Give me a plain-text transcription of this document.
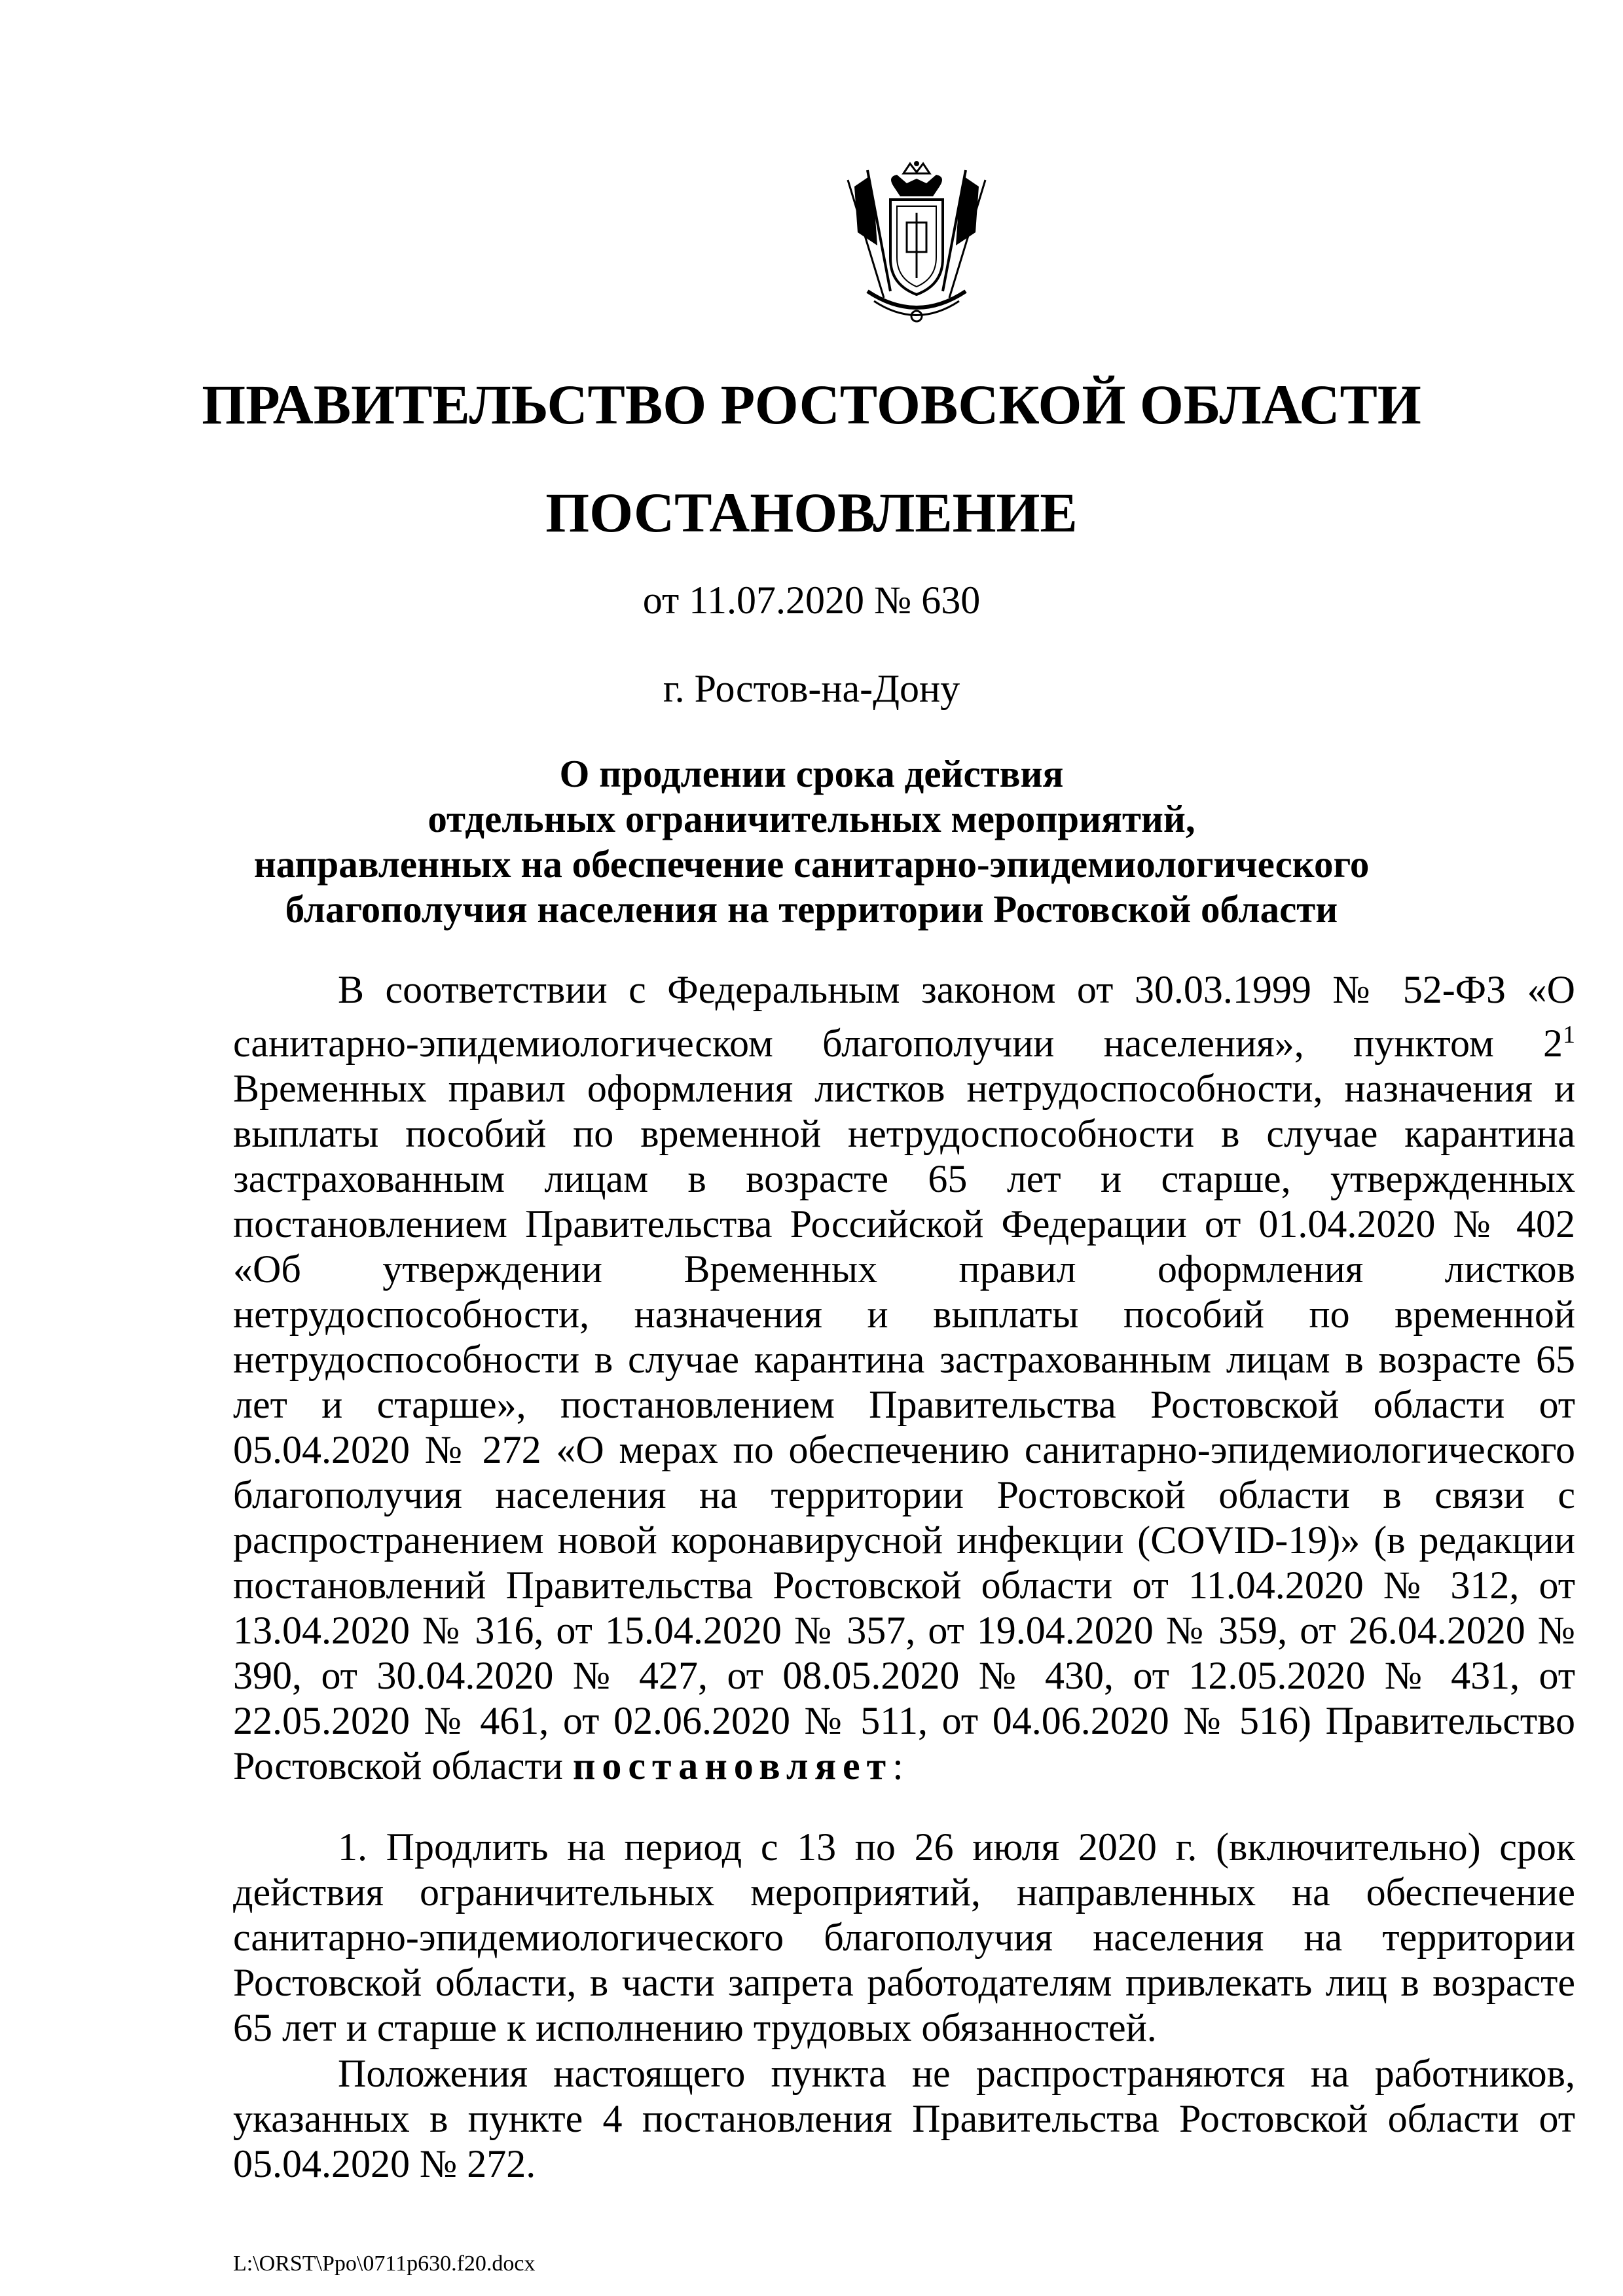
ПРАВИТЕЛЬСТВО РОСТОВСКОЙ ОБЛАСТИ
ПОСТАНОВЛЕНИЕ
от 11.07.2020 № 630
г. Ростов-на-Дону
О продлении срока действия
отдельных ограничительных мероприятий,
направленных на обеспечение санитарно-эпидемиологического
благополучия населения на территории Ростовской области

В соответствии с Федеральным законом от 30.03.1999 № 52-ФЗ «О санитарно-эпидемиологическом благополучии населения», пунктом $2^1$ Временных правил оформления листков нетрудоспособности, назначения и выплаты пособий по временной нетрудоспособности в случае карантина застрахованным лицам в возрасте 65 лет и старше, утвержденных постановлением Правительства Российской Федерации от 01.04.2020 № 402 «Об утверждении Временных правил оформления листков нетрудоспособности, назначения и выплаты пособий по временной нетрудоспособности в случае карантина застрахованным лицам в возрасте 65 лет и старше», постановлением Правительства Ростовской области от 05.04.2020 № 272 «О мерах по обеспечению санитарно-эпидемиологического благополучия населения на территории Ростовской области в связи с распространением новой коронавирусной инфекции (COVID-19)» (в редакции постановлений Правительства Ростовской области от 11.04.2020 № 312, от 13.04.2020 № 316, от 15.04.2020 № 357, от 19.04.2020 № 359, от 26.04.2020 № 390, от 30.04.2020 № 427, от 08.05.2020 № 430, от 12.05.2020 № 431, от 22.05.2020 № 461, от 02.06.2020 № 511, от 04.06.2020 № 516) Правительство Ростовской области постановляет:

1. Продлить на период с 13 по 26 июля 2020 г. (включительно) срок действия ограничительных мероприятий, направленных на обеспечение санитарно-эпидемиологического благополучия населения на территории Ростовской области, в части запрета работодателям привлекать лиц в возрасте 65 лет и старше к исполнению трудовых обязанностей.

Положения настоящего пункта не распространяются на работников, указанных в пункте 4 постановления Правительства Ростовской области от 05.04.2020 № 272.

L:\ORST\Ppo\0711p630.f20.docx
